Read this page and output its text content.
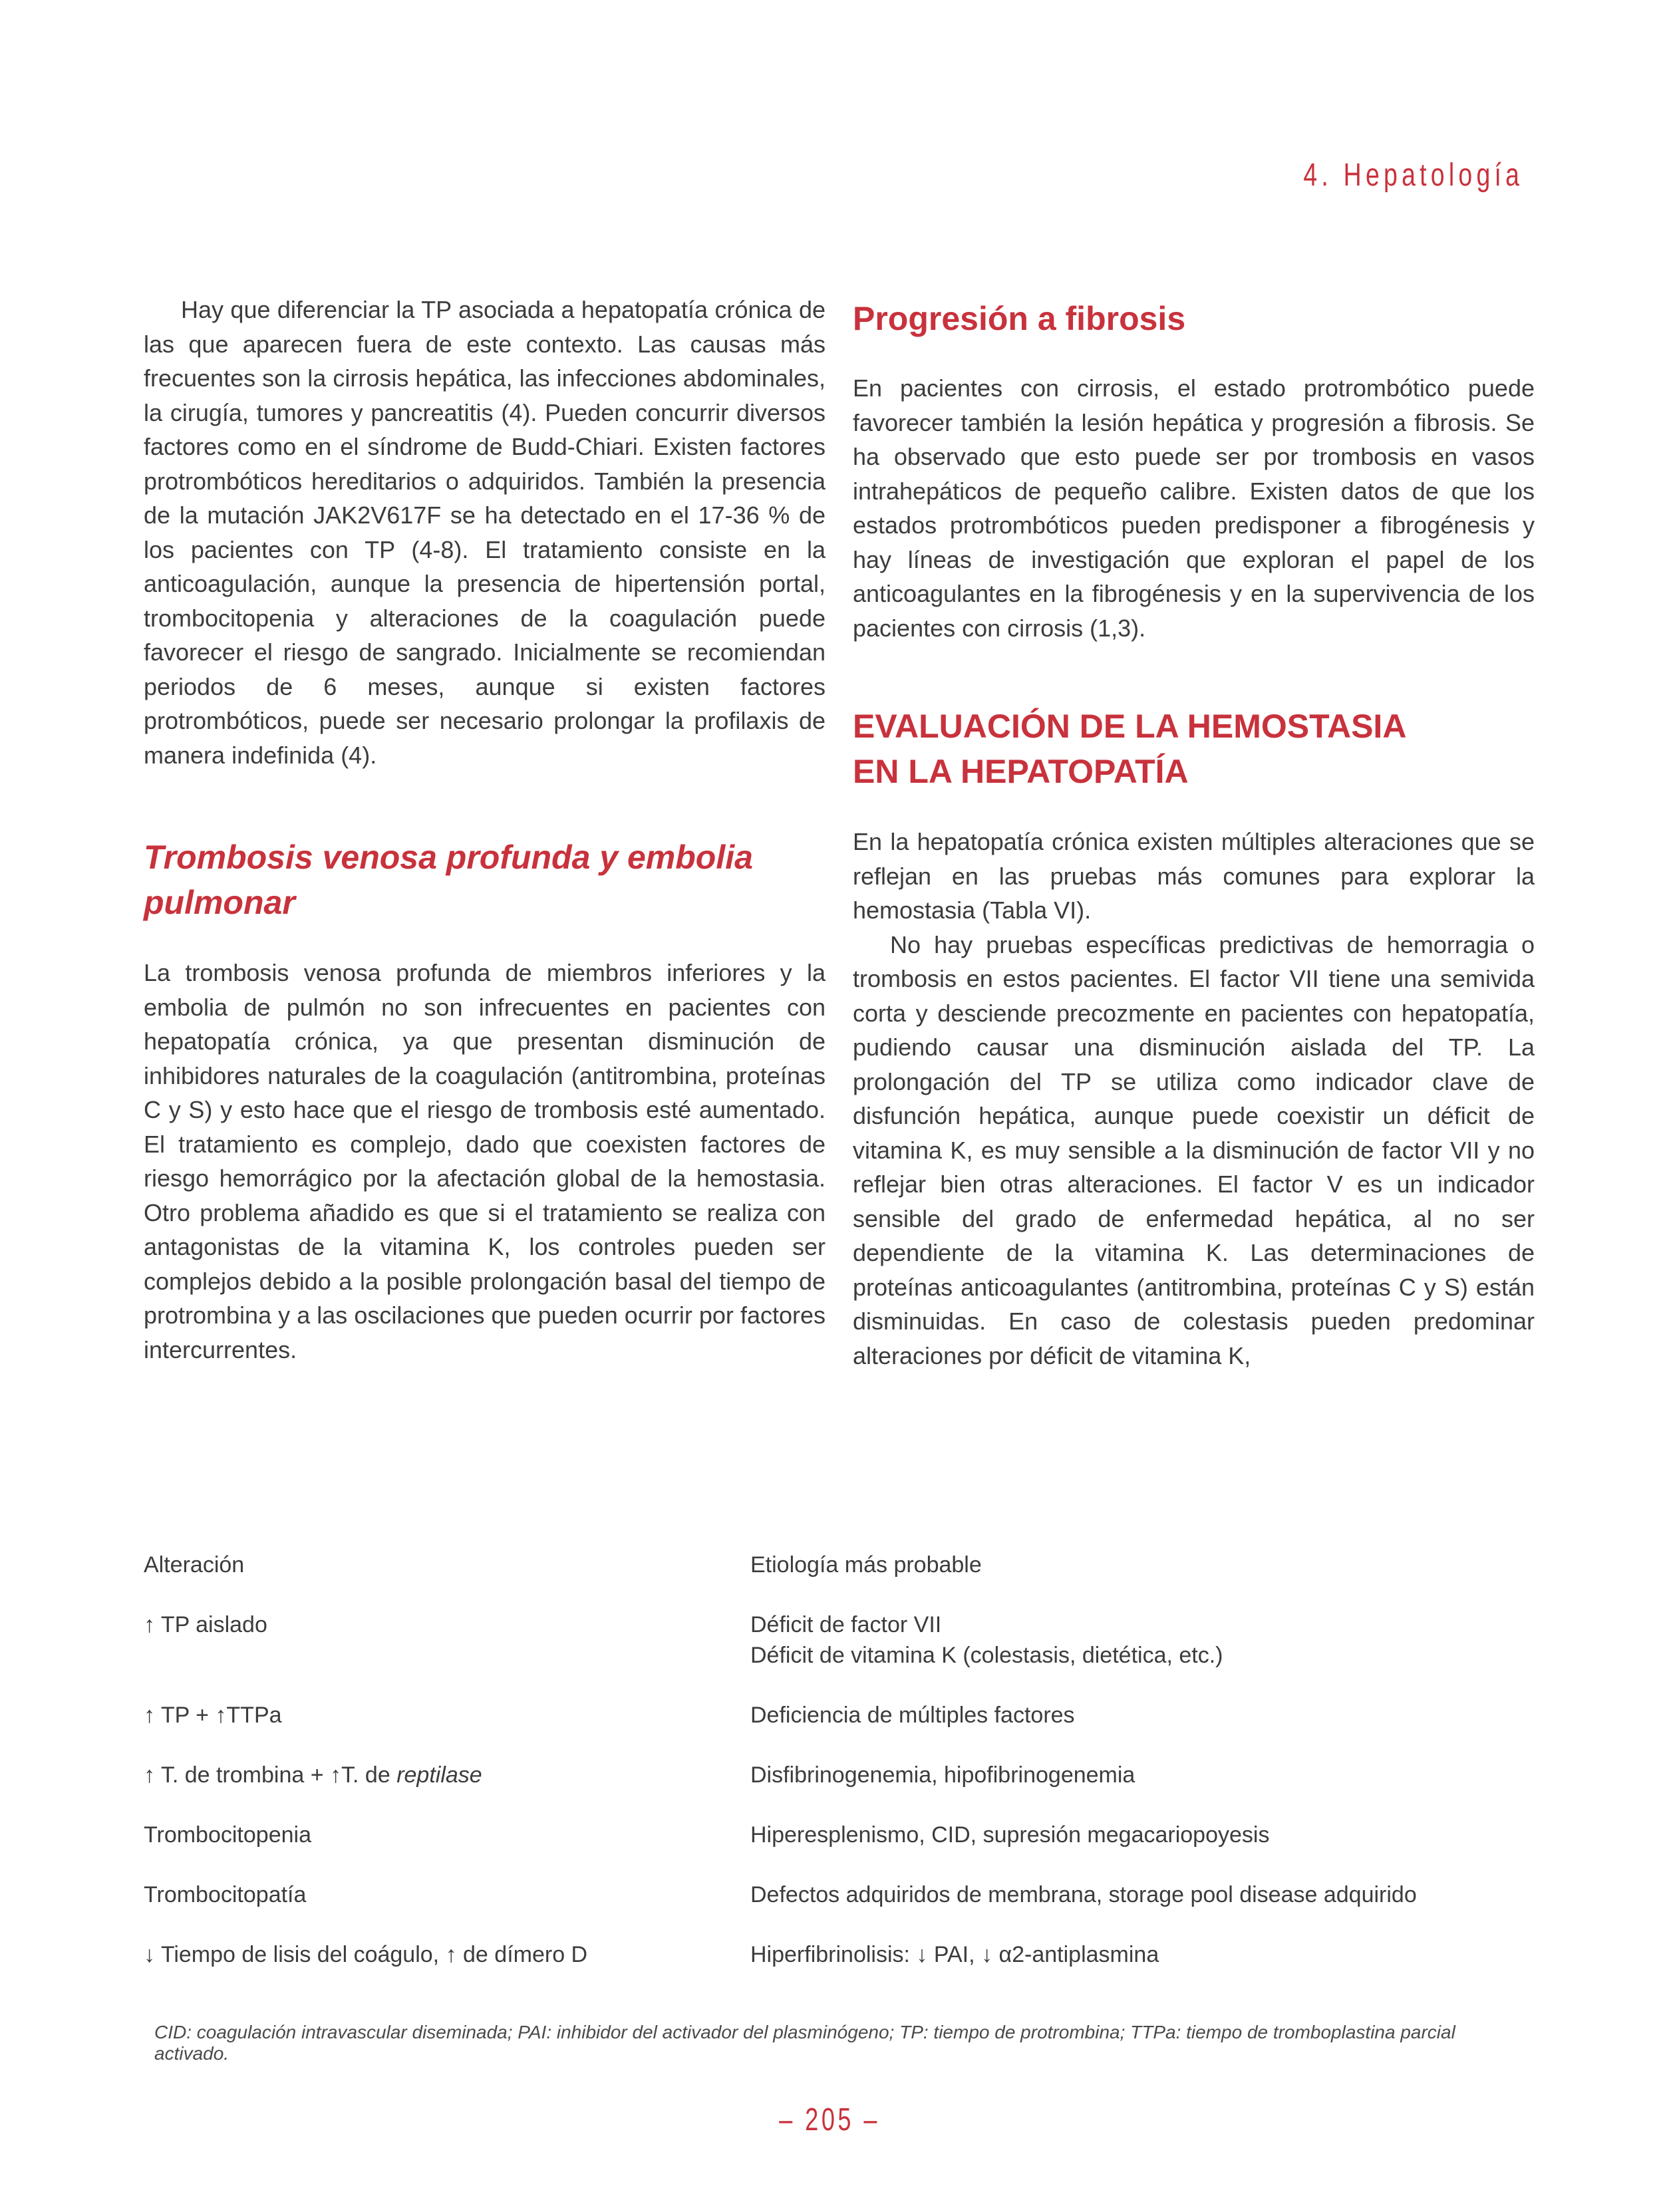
4. Hepatología

Hay que diferenciar la TP asociada a hepatopatía crónica de las que aparecen fuera de este contexto. Las causas más frecuentes son la cirrosis hepática, las infecciones abdominales, la cirugía, tumores y pancreatitis (4). Pueden concurrir diversos factores como en el síndrome de Budd-Chiari. Existen factores protrombóticos hereditarios o adquiridos. También la presencia de la mutación JAK2V617F se ha detectado en el 17-36 % de los pacientes con TP (4-8). El tratamiento consiste en la anticoagulación, aunque la presencia de hipertensión portal, trombocitopenia y alteraciones de la coagulación puede favorecer el riesgo de sangrado. Inicialmente se recomiendan periodos de 6 meses, aunque si existen factores protrombóticos, puede ser necesario prolongar la profilaxis de manera indefinida (4).

Trombosis venosa profunda y embolia pulmonar

La trombosis venosa profunda de miembros inferiores y la embolia de pulmón no son infrecuentes en pacientes con hepatopatía crónica, ya que presentan disminución de inhibidores naturales de la coagulación (antitrombina, proteínas C y S) y esto hace que el riesgo de trombosis esté aumentado. El tratamiento es complejo, dado que coexisten factores de riesgo hemorrágico por la afectación global de la hemostasia. Otro problema añadido es que si el tratamiento se realiza con antagonistas de la vitamina K, los controles pueden ser complejos debido a la posible prolongación basal del tiempo de protrombina y a las oscilaciones que pueden ocurrir por factores intercurrentes.

Progresión a fibrosis

En pacientes con cirrosis, el estado protrombótico puede favorecer también la lesión hepática y progresión a fibrosis. Se ha observado que esto puede ser por trombosis en vasos intrahepáticos de pequeño calibre. Existen datos de que los estados protrombóticos pueden predisponer a fibrogénesis y hay líneas de investigación que exploran el papel de los anticoagulantes en la fibrogénesis y en la supervivencia de los pacientes con cirrosis (1,3).

EVALUACIÓN DE LA HEMOSTASIA
EN LA HEPATOPATÍA

En la hepatopatía crónica existen múltiples alteraciones que se reflejan en las pruebas más comunes para explorar la hemostasia (Tabla VI).

No hay pruebas específicas predictivas de hemorragia o trombosis en estos pacientes. El factor VII tiene una semivida corta y desciende precozmente en pacientes con hepatopatía, pudiendo causar una disminución aislada del TP. La prolongación del TP se utiliza como indicador clave de disfunción hepática, aunque puede coexistir un déficit de vitamina K, es muy sensible a la disminución de factor VII y no reflejar bien otras alteraciones. El factor V es un indicador sensible del grado de enfermedad hepática, al no ser dependiente de la vitamina K. Las determinaciones de proteínas anticoagulantes (antitrombina, proteínas C y S) están disminuidas. En caso de colestasis pueden predominar alteraciones por déficit de vitamina K,

Alteración	Etiología más probable
↑ TP aislado	Déficit de factor VII
Déficit de vitamina K (colestasis, dietética, etc.)
↑ TP + ↑TTPa	Deficiencia de múltiples factores
↑ T. de trombina + ↑T. de reptilase	Disfibrinogenemia, hipofibrinogenemia
Trombocitopenia	Hiperesplenismo, CID, supresión megacariopoyesis
Trombocitopatía	Defectos adquiridos de membrana, storage pool disease adquirido
↓ Tiempo de lisis del coágulo, ↑ de dímero D	Hiperfibrinolisis: ↓ PAI, ↓ α2-antiplasmina
CID: coagulación intravascular diseminada; PAI: inhibidor del activador del plasminógeno; TP: tiempo de protrombina; TTPa: tiempo de tromboplastina parcial activado.
– 205 –
